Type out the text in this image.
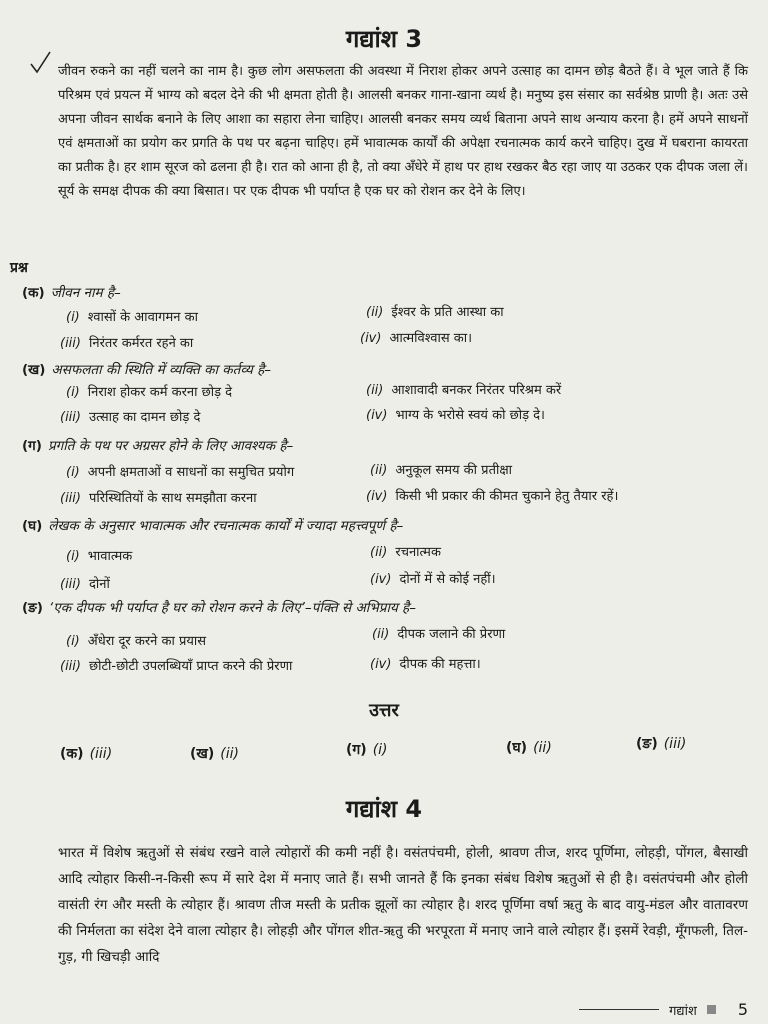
गद्यांश 3
जीवन रुकने का नहीं चलने का नाम है। कुछ लोग असफलता की अवस्था में निराश होकर अपने उत्साह का दामन छोड़ बैठते हैं। वे भूल जाते हैं कि परिश्रम एवं प्रयत्न में भाग्य को बदल देने की भी क्षमता होती है। आलसी बनकर गाना-खाना व्यर्थ है। मनुष्य इस संसार का सर्वश्रेष्ठ प्राणी है। अतः उसे अपना जीवन सार्थक बनाने के लिए आशा का सहारा लेना चाहिए। आलसी बनकर समय व्यर्थ बिताना अपने साथ अन्याय करना है। हमें अपने साधनों एवं क्षमताओं का प्रयोग कर प्रगति के पथ पर बढ़ना चाहिए। हमें भावात्मक कार्यों की अपेक्षा रचनात्मक कार्य करने चाहिए। दुख में घबराना कायरता का प्रतीक है। हर शाम सूरज को ढलना ही है। रात को आना ही है, तो क्या अँधेरे में हाथ पर हाथ रखकर बैठ रहा जाए या उठकर एक दीपक जला लें। सूर्य के समक्ष दीपक की क्या बिसात। पर एक दीपक भी पर्याप्त है एक घर को रोशन कर देने के लिए।
प्रश्न
(क) जीवन नाम है–
(i) श्वासों के आवागमन का	(ii) ईश्वर के प्रति आस्था का
(iii) निरंतर कर्मरत रहने का	(iv) आत्मविश्वास का।
(ख) असफलता की स्थिति में व्यक्ति का कर्तव्य है–
(i) निराश होकर कर्म करना छोड़ दे	(ii) आशावादी बनकर निरंतर परिश्रम करें
(iii) उत्साह का दामन छोड़ दे	(iv) भाग्य के भरोसे स्वयं को छोड़ दे।
(ग) प्रगति के पथ पर अग्रसर होने के लिए आवश्यक है–
(i) अपनी क्षमताओं व साधनों का समुचित प्रयोग	(ii) अनुकूल समय की प्रतीक्षा
(iii) परिस्थितियों के साथ समझौता करना	(iv) किसी भी प्रकार की कीमत चुकाने हेतु तैयार रहें।
(घ) लेखक के अनुसार भावात्मक और रचनात्मक कार्यों में ज्यादा महत्त्वपूर्ण है–
(i) भावात्मक	(ii) रचनात्मक
(iii) दोनों	(iv) दोनों में से कोई नहीं।
(ङ) ‘एक दीपक भी पर्याप्त है घर को रोशन करने के लिए’–पंक्ति से अभिप्राय है–
(i) अँधेरा दूर करने का प्रयास	(ii) दीपक जलाने की प्रेरणा
(iii) छोटी-छोटी उपलब्धियाँ प्राप्त करने की प्रेरणा	(iv) दीपक की महत्ता।
उत्तर
(क) (iii)	(ख) (ii)	(ग) (i)	(घ) (ii)	(ङ) (iii)
गद्यांश 4
भारत में विशेष ऋतुओं से संबंध रखने वाले त्योहारों की कमी नहीं है। वसंतपंचमी, होली, श्रावण तीज, शरद पूर्णिमा, लोहड़ी, पोंगल, बैसाखी आदि त्योहार किसी-न-किसी रूप में सारे देश में मनाए जाते हैं। सभी जानते हैं कि इनका संबंध विशेष ऋतुओं से ही है। वसंतपंचमी और होली वासंती रंग और मस्ती के त्योहार हैं। श्रावण तीज मस्ती के प्रतीक झूलों का त्योहार है। शरद पूर्णिमा वर्षा ऋतु के बाद वायु-मंडल और वातावरण की निर्मलता का संदेश देने वाला त्योहार है। लोहड़ी और पोंगल शीत-ऋतु की भरपूरता में मनाए जाने वाले त्योहार हैं। इसमें रेवड़ी, मूँगफली, तिल-गुड़, गी खिचड़ी आदि
गद्यांश	5
